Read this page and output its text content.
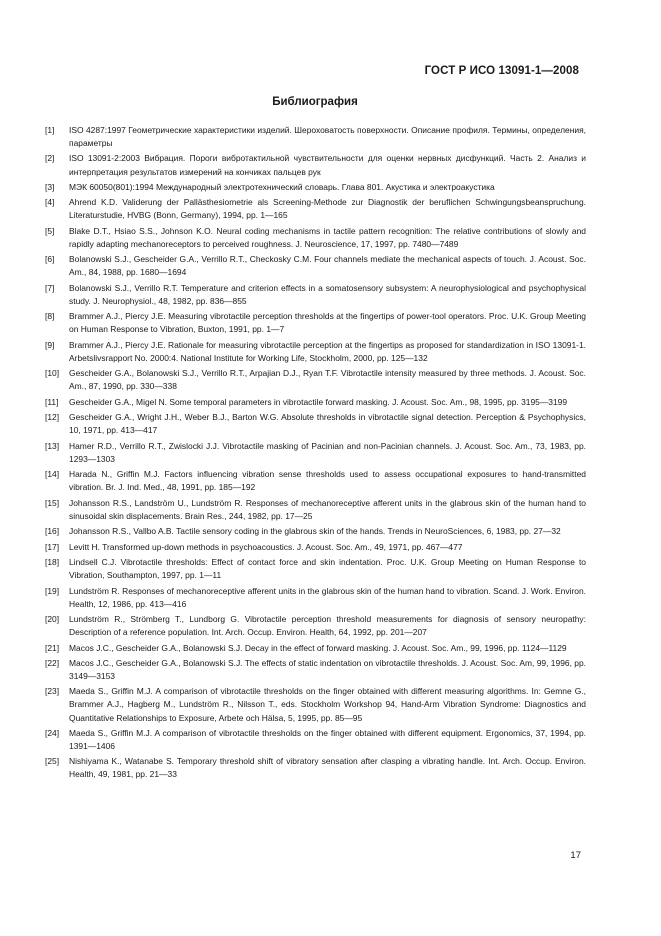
ГОСТ Р ИСО 13091-1—2008
Библиография
[1]	ISO 4287:1997 Геометрические характеристики изделий. Шероховатость поверхности. Описание профиля. Термины, определения, параметры
[2]	ISO 13091-2:2003 Вибрация. Пороги вибротактильной чувствительности для оценки нервных дисфункций. Часть 2. Анализ и интерпретация результатов измерений на кончиках пальцев рук
[3]	МЭК 60050(801):1994 Международный электротехнический словарь. Глава 801. Акустика и электроакустика
[4]	Ahrend K.D. Validerung der Pallästhesiometrie als Screening-Methode zur Diagnostik der beruflichen Schwingungsbeanspruchung. Literaturstudie, HVBG (Bonn, Germany), 1994, pp. 1—165
[5]	Blake D.T., Hsiao S.S., Johnson K.O. Neural coding mechanisms in tactile pattern recognition: The relative contributions of slowly and rapidly adapting mechanoreceptors to perceived roughness. J. Neuroscience, 17, 1997, pp. 7480—7489
[6]	Bolanowski S.J., Gescheider G.A., Verrillo R.T., Checkosky C.M. Four channels mediate the mechanical aspects of touch. J. Acoust. Soc. Am., 84, 1988, pp. 1680—1694
[7]	Bolanowski S.J., Verrillo R.T. Temperature and criterion effects in a somatosensory subsystem: A neurophysiological and psychophysical study. J. Neurophysiol., 48, 1982, pp. 836—855
[8]	Brammer A.J., Piercy J.E. Measuring vibrotactile perception thresholds at the fingertips of power-tool operators. Proc. U.K. Group Meeting on Human Response to Vibration, Buxton, 1991, pp. 1—7
[9]	Brammer A.J., Piercy J.E. Rationale for measuring vibrotactile perception at the fingertips as proposed for standardization in ISO 13091-1. Arbetslivsrapport No. 2000:4. National Institute for Working Life, Stockholm, 2000, pp. 125—132
[10]	Gescheider G.A., Bolanowski S.J., Verrillo R.T., Arpajian D.J., Ryan T.F. Vibrotactile intensity measured by three methods. J. Acoust. Soc. Am., 87, 1990, pp. 330—338
[11]	Gescheider G.A., Migel N. Some temporal parameters in vibrotactile forward masking. J. Acoust. Soc. Am., 98, 1995, pp. 3195—3199
[12]	Gescheider G.A., Wright J.H., Weber B.J., Barton W.G. Absolute thresholds in vibrotactile signal detection. Perception & Psychophysics, 10, 1971, pp. 413—417
[13]	Hamer R.D., Verrillo R.T., Zwislocki J.J. Vibrotactile masking of Pacinian and non-Pacinian channels. J. Acoust. Soc. Am., 73, 1983, pp. 1293—1303
[14]	Harada N., Griffin M.J. Factors influencing vibration sense thresholds used to assess occupational exposures to hand-transmitted vibration. Br. J. Ind. Med., 48, 1991, pp. 185—192
[15]	Johansson R.S., Landström U., Lundström R. Responses of mechanoreceptive afferent units in the glabrous skin of the human hand to sinusoidal skin displacements. Brain Res., 244, 1982, pp. 17—25
[16]	Johansson R.S., Vallbo A.B. Tactile sensory coding in the glabrous skin of the hands. Trends in NeuroSciences, 6, 1983, pp. 27—32
[17]	Levitt H. Transformed up-down methods in psychoacoustics. J. Acoust. Soc. Am., 49, 1971, pp. 467—477
[18]	Lindsell C.J. Vibrotactile thresholds: Effect of contact force and skin indentation. Proc. U.K. Group Meeting on Human Response to Vibration, Southampton, 1997, pp. 1—11
[19]	Lundström R. Responses of mechanoreceptive afferent units in the glabrous skin of the human hand to vibration. Scand. J. Work. Environ. Health, 12, 1986, pp. 413—416
[20]	Lundström R., Strömberg T., Lundborg G. Vibrotactile perception threshold measurements for diagnosis of sensory neuropathy: Description of a reference population. Int. Arch. Occup. Environ. Health, 64, 1992, pp. 201—207
[21]	Maсos J.C., Gescheider G.A., Bolanowski S.J. Decay in the effect of forward masking. J. Acoust. Soc. Am., 99, 1996, pp. 1124—1129
[22]	Maсos J.C., Gescheider G.A., Bolanowski S.J. The effects of static indentation on vibrotactile thresholds. J. Acoust. Soc. Am, 99, 1996, pp. 3149—3153
[23]	Maeda S., Griffin M.J. A comparison of vibrotactile thresholds on the finger obtained with different measuring algorithms. In: Gemne G., Brammer A.J., Hagberg M., Lundström R., Nilsson T., eds. Stockholm Workshop 94, Hand-Arm Vibration Syndrome: Diagnostics and Quantitative Relationships to Exposure, Arbete och Hälsa, 5, 1995, pp. 85—95
[24]	Maeda S., Griffin M.J. A comparison of vibrotactile thresholds on the finger obtained with different equipment. Ergonomics, 37, 1994, pp. 1391—1406
[25]	Nishiyama K., Watanabe S. Temporary threshold shift of vibratory sensation after clasping a vibrating handle. Int. Arch. Occup. Environ. Health, 49, 1981, pp. 21—33
17
